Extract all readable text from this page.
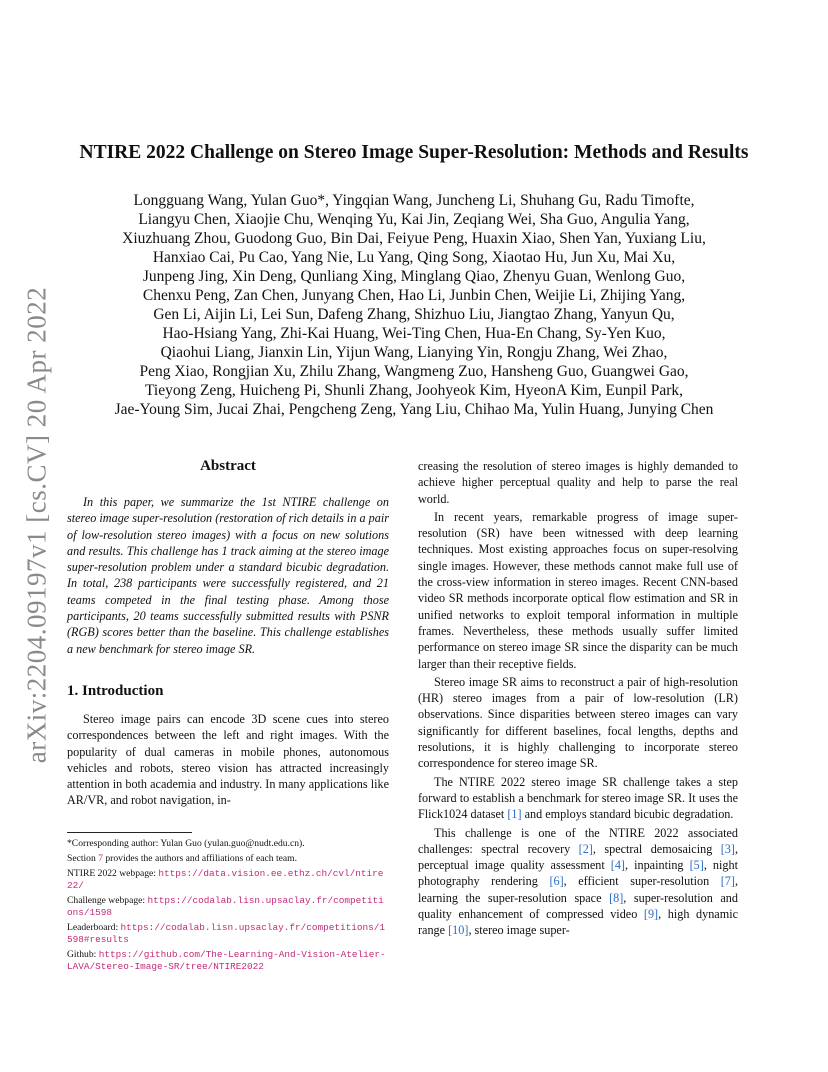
arXiv:2204.09197v1 [cs.CV] 20 Apr 2022
NTIRE 2022 Challenge on Stereo Image Super-Resolution: Methods and Results
Longguang Wang, Yulan Guo*, Yingqian Wang, Juncheng Li, Shuhang Gu, Radu Timofte,
Liangyu Chen, Xiaojie Chu, Wenqing Yu, Kai Jin, Zeqiang Wei, Sha Guo, Angulia Yang,
Xiuzhuang Zhou, Guodong Guo, Bin Dai, Feiyue Peng, Huaxin Xiao, Shen Yan, Yuxiang Liu,
Hanxiao Cai, Pu Cao, Yang Nie, Lu Yang, Qing Song, Xiaotao Hu, Jun Xu, Mai Xu,
Junpeng Jing, Xin Deng, Qunliang Xing, Minglang Qiao, Zhenyu Guan, Wenlong Guo,
Chenxu Peng, Zan Chen, Junyang Chen, Hao Li, Junbin Chen, Weijie Li, Zhijing Yang,
Gen Li, Aijin Li, Lei Sun, Dafeng Zhang, Shizhuo Liu, Jiangtao Zhang, Yanyun Qu,
Hao-Hsiang Yang, Zhi-Kai Huang, Wei-Ting Chen, Hua-En Chang, Sy-Yen Kuo,
Qiaohui Liang, Jianxin Lin, Yijun Wang, Lianying Yin, Rongju Zhang, Wei Zhao,
Peng Xiao, Rongjian Xu, Zhilu Zhang, Wangmeng Zuo, Hansheng Guo, Guangwei Gao,
Tieyong Zeng, Huicheng Pi, Shunli Zhang, Joohyeok Kim, HyeonA Kim, Eunpil Park,
Jae-Young Sim, Jucai Zhai, Pengcheng Zeng, Yang Liu, Chihao Ma, Yulin Huang, Junying Chen
Abstract

In this paper, we summarize the 1st NTIRE challenge on stereo image super-resolution (restoration of rich details in a pair of low-resolution stereo images) with a focus on new solutions and results. This challenge has 1 track aiming at the stereo image super-resolution problem under a standard bicubic degradation. In total, 238 participants were successfully registered, and 21 teams competed in the final testing phase. Among those participants, 20 teams successfully submitted results with PSNR (RGB) scores better than the baseline. This challenge establishes a new benchmark for stereo image SR.

1. Introduction

Stereo image pairs can encode 3D scene cues into stereo correspondences between the left and right images. With the popularity of dual cameras in mobile phones, autonomous vehicles and robots, stereo vision has attracted increasingly attention in both academia and industry. In many applications like AR/VR, and robot navigation, in-

*Corresponding author: Yulan Guo (yulan.guo@nudt.edu.cn).

Section 7 provides the authors and affiliations of each team.

NTIRE 2022 webpage: https://data.vision.ee.ethz.ch/cvl/ntire22/

Challenge webpage: https://codalab.lisn.upsaclay.fr/competitions/1598

Leaderboard: https://codalab.lisn.upsaclay.fr/competitions/1598#results

Github: https://github.com/The-Learning-And-Vision-Atelier-LAVA/Stereo-Image-SR/tree/NTIRE2022

creasing the resolution of stereo images is highly demanded to achieve higher perceptual quality and help to parse the real world.

In recent years, remarkable progress of image super-resolution (SR) have been witnessed with deep learning techniques. Most existing approaches focus on super-resolving single images. However, these methods cannot make full use of the cross-view information in stereo images. Recent CNN-based video SR methods incorporate optical flow estimation and SR in unified networks to exploit temporal information in multiple frames. Nevertheless, these methods usually suffer limited performance on stereo image SR since the disparity can be much larger than their receptive fields.

Stereo image SR aims to reconstruct a pair of high-resolution (HR) stereo images from a pair of low-resolution (LR) observations. Since disparities between stereo images can vary significantly for different baselines, focal lengths, depths and resolutions, it is highly challenging to incorporate stereo correspondence for stereo image SR.

The NTIRE 2022 stereo image SR challenge takes a step forward to establish a benchmark for stereo image SR. It uses the Flick1024 dataset [1] and employs standard bicubic degradation.

This challenge is one of the NTIRE 2022 associated challenges: spectral recovery [2], spectral demosaicing [3], perceptual image quality assessment [4], inpainting [5], night photography rendering [6], efficient super-resolution [7], learning the super-resolution space [8], super-resolution and quality enhancement of compressed video [9], high dynamic range [10], stereo image super-
